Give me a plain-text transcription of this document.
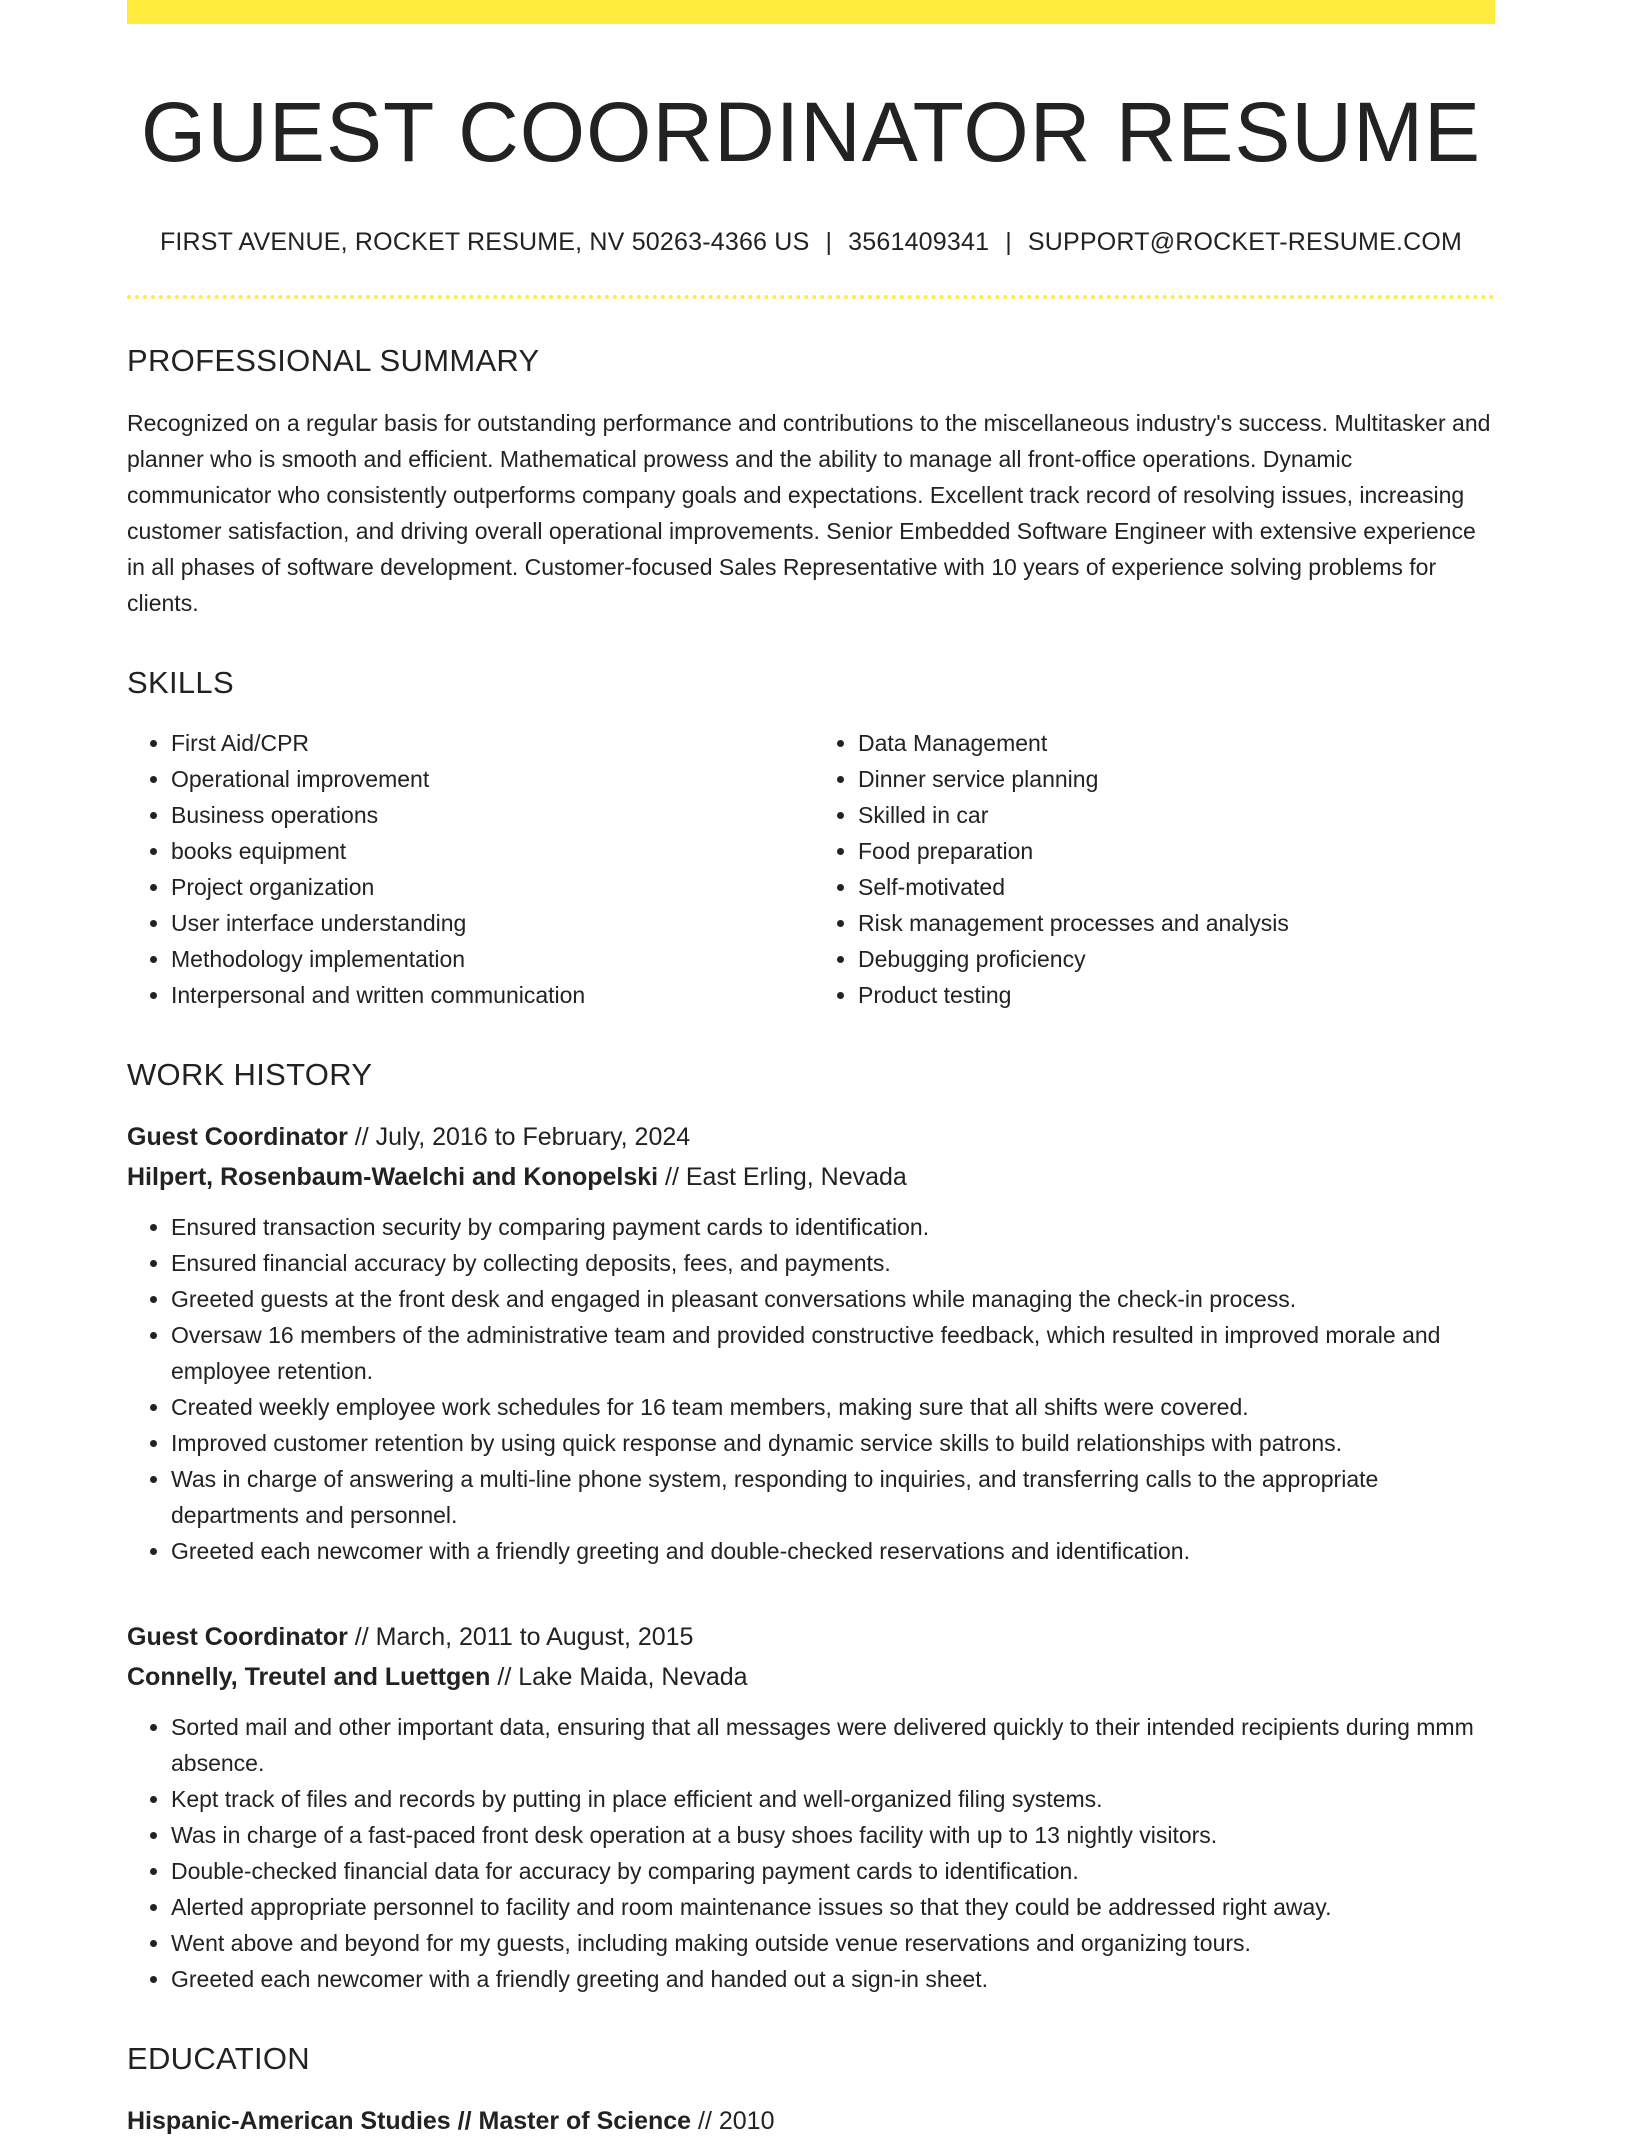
GUEST COORDINATOR RESUME
FIRST AVENUE, ROCKET RESUME, NV 50263-4366 US | 3561409341 | SUPPORT@ROCKET-RESUME.COM
PROFESSIONAL SUMMARY

Recognized on a regular basis for outstanding performance and contributions to the miscellaneous industry's success. Multitasker and planner who is smooth and efficient. Mathematical prowess and the ability to manage all front-office operations. Dynamic communicator who consistently outperforms company goals and expectations. Excellent track record of resolving issues, increasing customer satisfaction, and driving overall operational improvements. Senior Embedded Software Engineer with extensive experience in all phases of software development. Customer-focused Sales Representative with 10 years of experience solving problems for clients.

SKILLS
• First Aid/CPR
• Operational improvement
• Business operations
• books equipment
• Project organization
• User interface understanding
• Methodology implementation
• Interpersonal and written communication
• Data Management
• Dinner service planning
• Skilled in car
• Food preparation
• Self-motivated
• Risk management processes and analysis
• Debugging proficiency
• Product testing
WORK HISTORY
Guest Coordinator // July, 2016 to February, 2024
Hilpert, Rosenbaum-Waelchi and Konopelski // East Erling, Nevada
• Ensured transaction security by comparing payment cards to identification.
• Ensured financial accuracy by collecting deposits, fees, and payments.
• Greeted guests at the front desk and engaged in pleasant conversations while managing the check-in process.
• Oversaw 16 members of the administrative team and provided constructive feedback, which resulted in improved morale and employee retention.
• Created weekly employee work schedules for 16 team members, making sure that all shifts were covered.
• Improved customer retention by using quick response and dynamic service skills to build relationships with patrons.
• Was in charge of answering a multi-line phone system, responding to inquiries, and transferring calls to the appropriate departments and personnel.
• Greeted each newcomer with a friendly greeting and double-checked reservations and identification.
Guest Coordinator // March, 2011 to August, 2015
Connelly, Treutel and Luettgen // Lake Maida, Nevada
• Sorted mail and other important data, ensuring that all messages were delivered quickly to their intended recipients during mmm absence.
• Kept track of files and records by putting in place efficient and well-organized filing systems.
• Was in charge of a fast-paced front desk operation at a busy shoes facility with up to 13 nightly visitors.
• Double-checked financial data for accuracy by comparing payment cards to identification.
• Alerted appropriate personnel to facility and room maintenance issues so that they could be addressed right away.
• Went above and beyond for my guests, including making outside venue reservations and organizing tours.
• Greeted each newcomer with a friendly greeting and handed out a sign-in sheet.
EDUCATION
Hispanic-American Studies // Master of Science // 2010
